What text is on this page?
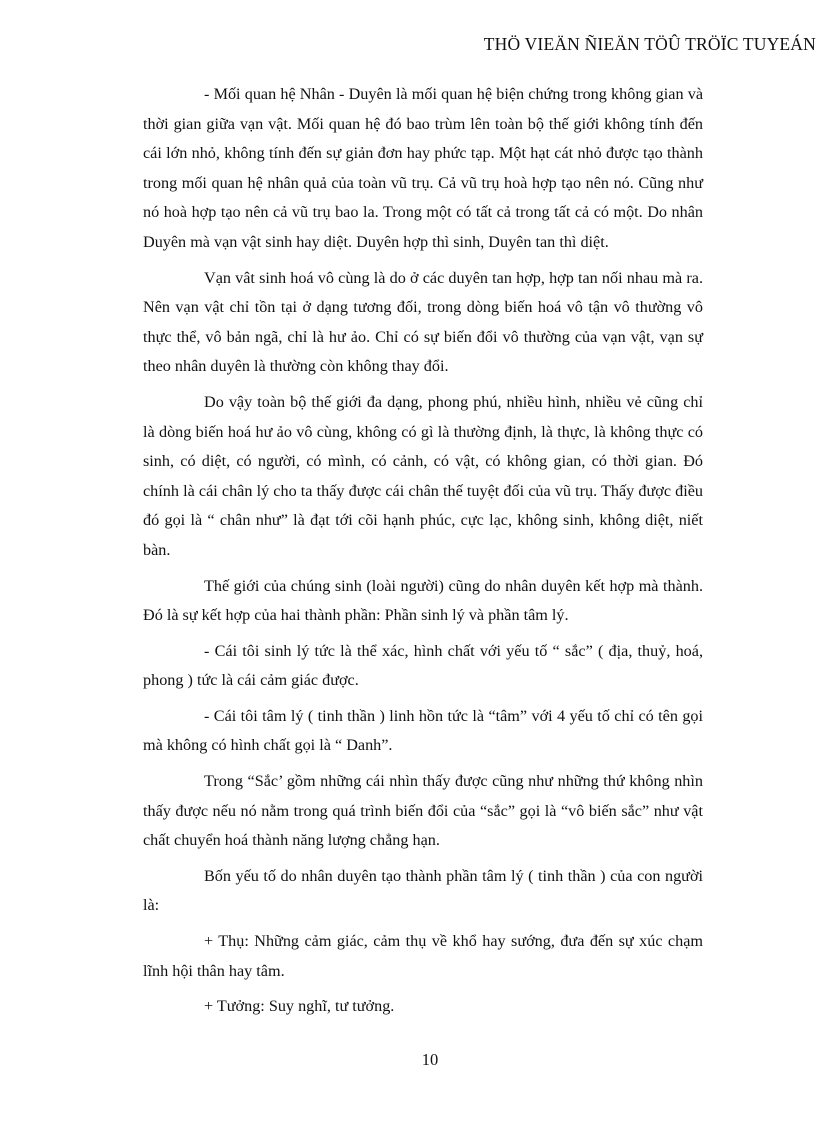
THÖ VIEÄN ÑIEÄN TÖÛ TRÖÏC TUYEÁN

- Mối quan hệ Nhân - Duyên là mối quan hệ biện chứng trong không gian và thời gian giữa vạn vật. Mối quan hệ đó bao trùm lên toàn bộ thế giới không tính đến cái lớn nhỏ, không tính đến sự giản đơn hay phức tạp. Một hạt cát nhỏ được tạo thành trong mối quan hệ nhân quả của toàn vũ trụ. Cả vũ trụ hoà hợp tạo nên nó. Cũng như nó hoà hợp tạo nên cả vũ trụ bao la. Trong một có tất cả trong tất cả có một. Do nhân Duyên mà vạn vật sinh hay diệt. Duyên hợp thì sinh, Duyên tan thì diệt.

Vạn vât sinh hoá vô cùng là do ở các duyên tan hợp, hợp tan nối nhau mà ra. Nên vạn vật chỉ tồn tại ở dạng tương đối, trong dòng biến hoá vô tận vô thường vô thực thể, vô bản ngã, chỉ là hư ảo. Chỉ có sự biến đổi vô thường của vạn vật, vạn sự theo nhân duyên là thường còn không thay đổi.

Do vậy toàn bộ thế giới đa dạng, phong phú, nhiều hình, nhiều vẻ cũng chỉ là dòng biến hoá hư ảo vô cùng, không có gì là thường định, là thực, là không thực có sinh, có diệt, có người, có mình, có cảnh, có vật, có không gian, có thời gian. Đó chính là cái chân lý cho ta thấy được cái chân thế tuyệt đối của vũ trụ. Thấy được điều đó gọi là “ chân như” là đạt tới cõi hạnh phúc, cực lạc, không sinh, không diệt, niết bàn.

Thế giới của chúng sinh (loài người) cũng do nhân duyên kết hợp mà thành. Đó là sự kết hợp của hai thành phần: Phần sinh lý và phần tâm lý.

- Cái tôi sinh lý tức là thể xác, hình chất với yếu tố “ sắc” ( địa, thuỷ, hoá, phong ) tức là cái cảm giác được.

- Cái tôi tâm lý ( tinh thần ) linh hồn tức là “tâm” với 4 yếu tố chỉ có tên gọi mà không có hình chất gọi là “ Danh”.

Trong “Sắc’ gồm những cái nhìn thấy được cũng như những thứ không nhìn thấy được nếu nó nằm trong quá trình biến đổi của “sắc” gọi là “vô biến sắc” như vật chất chuyển hoá thành năng lượng chẳng hạn.

Bốn yếu tố do nhân duyên tạo thành phần tâm lý ( tinh thần ) của con người là:

+ Thụ: Những cảm giác, cảm thụ về khổ hay sướng, đưa đến sự xúc chạm lĩnh hội thân hay tâm.

+ Tưởng: Suy nghĩ, tư tưởng.

10
